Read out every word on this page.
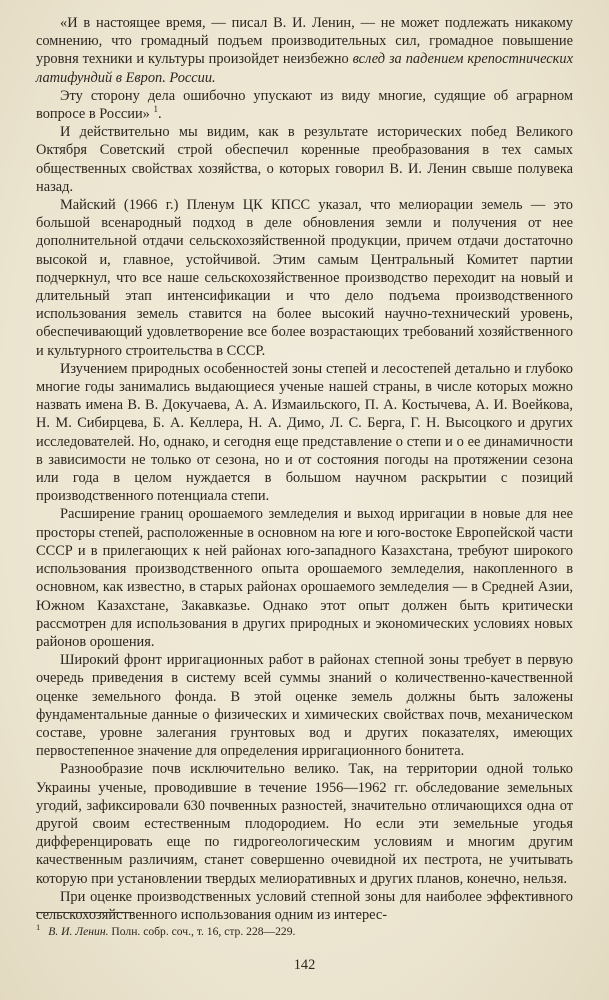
«И в настоящее время, — писал В. И. Ленин, — не может подлежать никакому сомнению, что громадный подъем производительных сил, громадное повышение уровня техники и культуры произойдет неизбежно вслед за падением крепостнических латифундий в Европ. России.

Эту сторону дела ошибочно упускают из виду многие, судящие об аграрном вопросе в России» $^1$.

И действительно мы видим, как в результате исторических побед Великого Октября Советский строй обеспечил коренные преобразования в тех самых общественных свойствах хозяйства, о которых говорил В. И. Ленин свыше полувека назад.

Майский (1966 г.) Пленум ЦК КПСС указал, что мелиорации земель — это большой всенародный подход в деле обновления земли и получения от нее дополнительной отдачи сельскохозяйственной продукции, причем отдачи достаточно высокой и, главное, устойчивой. Этим самым Центральный Комитет партии подчеркнул, что все наше сельскохозяйственное производство переходит на новый и длительный этап интенсификации и что дело подъема производственного использования земель ставится на более высокий научно-технический уровень, обеспечивающий удовлетворение все более возрастающих требований хозяйственного и культурного строительства в СССР.

Изучением природных особенностей зоны степей и лесостепей детально и глубоко многие годы занимались выдающиеся ученые нашей страны, в числе которых можно назвать имена В. В. Докучаева, А. А. Измаильского, П. А. Костычева, А. И. Воейкова, Н. М. Сибирцева, Б. А. Келлера, Н. А. Димо, Л. С. Берга, Г. Н. Высоцкого и других исследователей. Но, однако, и сегодня еще представление о степи и о ее динамичности в зависимости не только от сезона, но и от состояния погоды на протяжении сезона или года в целом нуждается в большом научном раскрытии с позиций производственного потенциала степи.

Расширение границ орошаемого земледелия и выход ирригации в новые для нее просторы степей, расположенные в основном на юге и юго-востоке Европейской части СССР и в прилегающих к ней районах юго-западного Казахстана, требуют широкого использования производственного опыта орошаемого земледелия, накопленного в основном, как известно, в старых районах орошаемого земледелия — в Средней Азии, Южном Казахстане, Закавказье. Однако этот опыт должен быть критически рассмотрен для использования в других природных и экономических условиях новых районов орошения.

Широкий фронт ирригационных работ в районах степной зоны требует в первую очередь приведения в систему всей суммы знаний о количественно-качественной оценке земельного фонда. В этой оценке земель должны быть заложены фундаментальные данные о физических и химических свойствах почв, механическом составе, уровне залегания грунтовых вод и других показателях, имеющих первостепенное значение для определения ирригационного бонитета.

Разнообразие почв исключительно велико. Так, на территории одной только Украины ученые, проводившие в течение 1956—1962 гг. обследование земельных угодий, зафиксировали 630 почвенных разностей, значительно отличающихся одна от другой своим естественным плодородием. Но если эти земельные угодья дифференцировать еще по гидрогеологическим условиям и многим другим качественным различиям, станет совершенно очевидной их пестрота, не учитывать которую при установлении твердых мелиоративных и других планов, конечно, нельзя.

При оценке производственных условий степной зоны для наиболее эффективного сельскохозяйственного использования одним из интерес-

$^1$ В. И. Ленин. Полн. собр. соч., т. 16, стр. 228—229.
142
